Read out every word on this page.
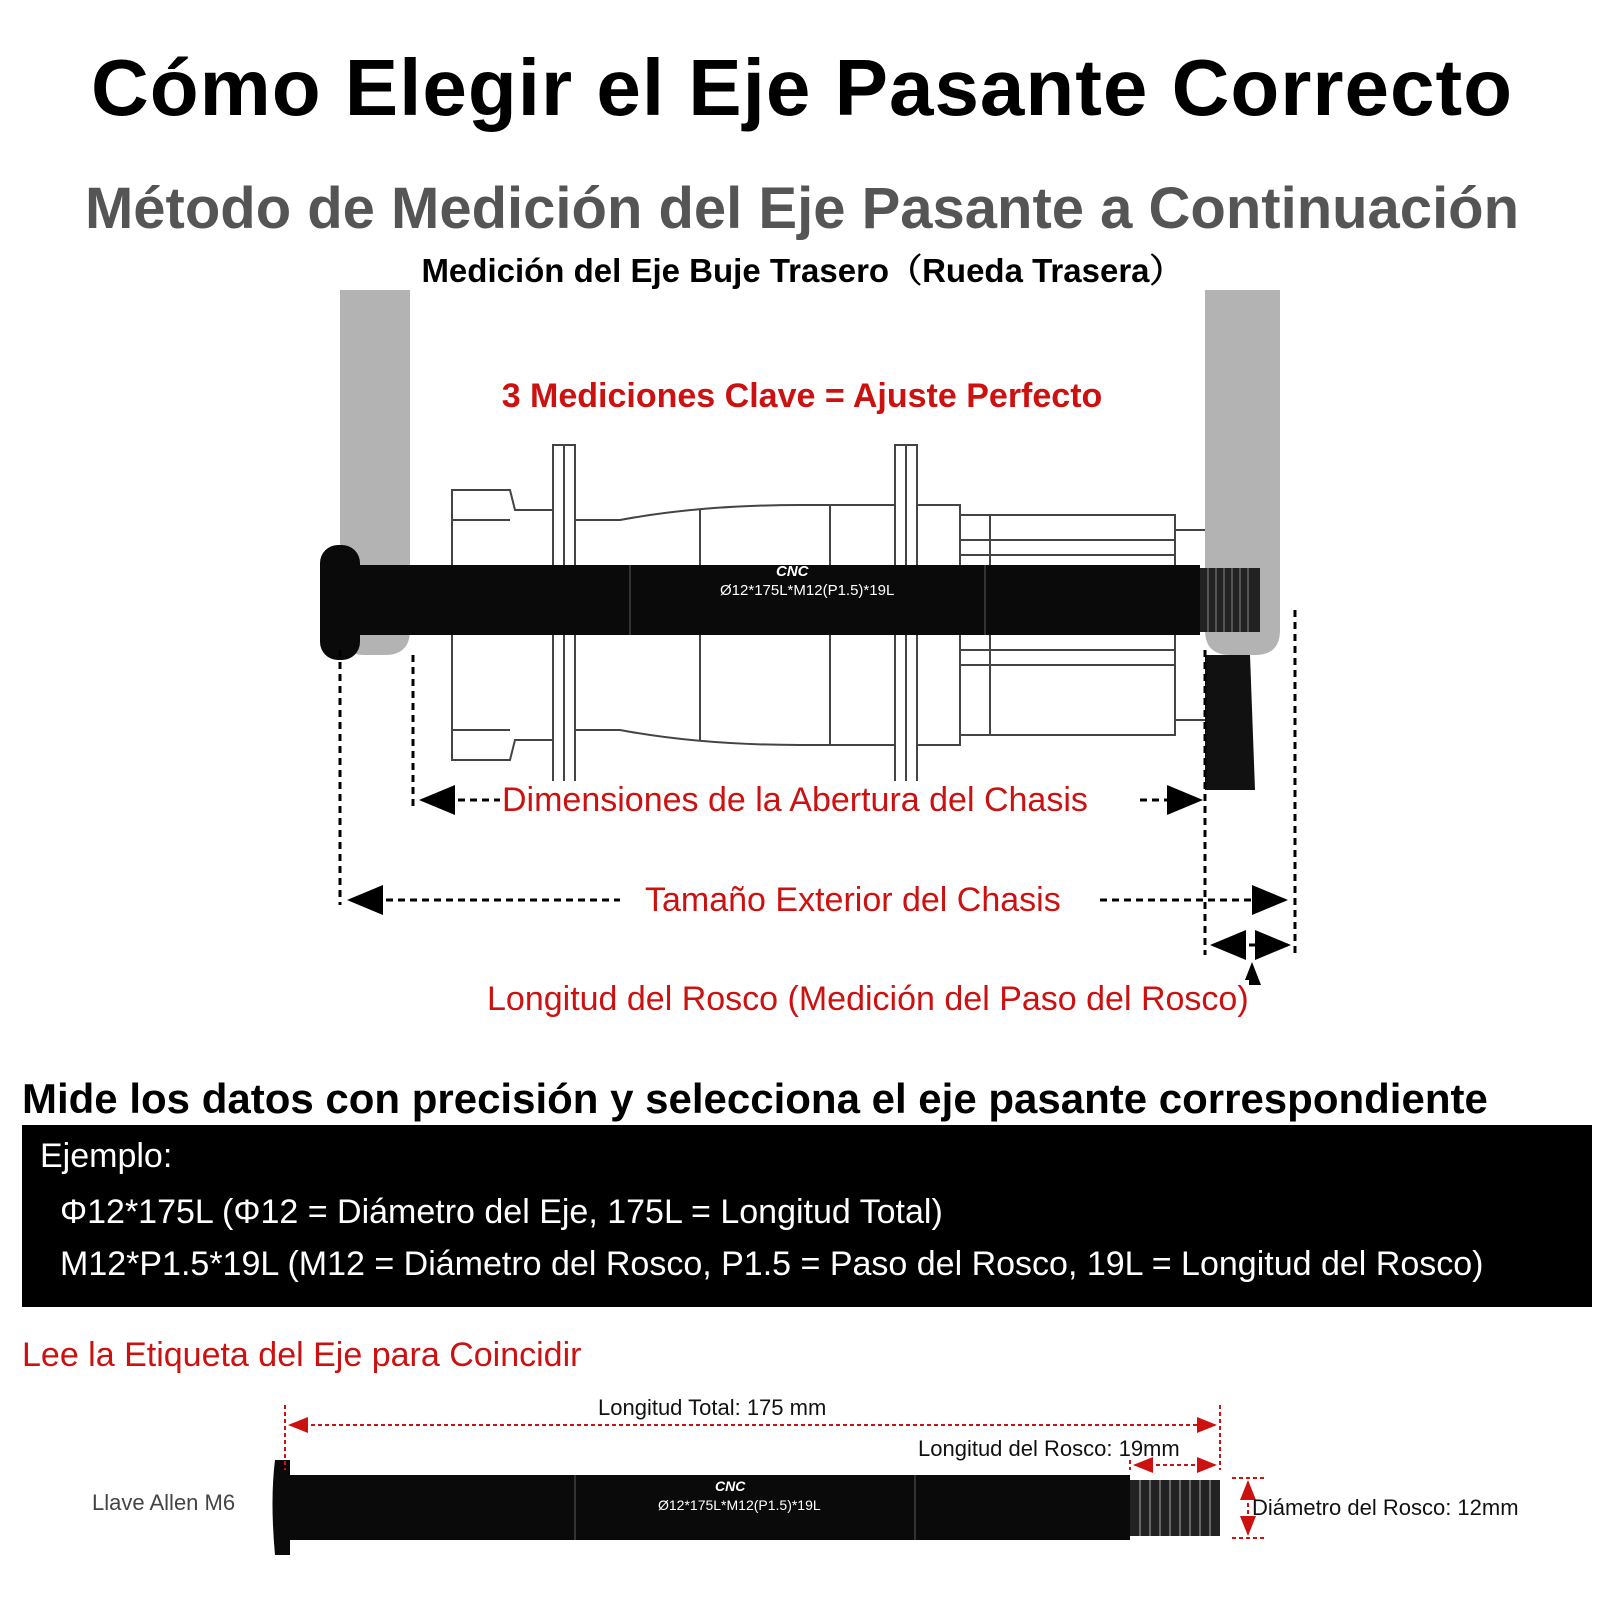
Cómo Elegir el Eje Pasante Correcto
Método de Medición del Eje Pasante a Continuación
Medición del Eje Buje Trasero（Rueda Trasera）
CNC
Ø12*175L*M12(P1.5)*19L
3 Mediciones Clave = Ajuste Perfecto
Dimensiones de la Abertura del Chasis
Tamaño Exterior del Chasis
Longitud del Rosco (Medición del Paso del Rosco)
Mide los datos con precisión y selecciona el eje pasante correspondiente
Ejemplo:
Φ12*175L (Φ12 = Diámetro del Eje, 175L = Longitud Total)
M12*P1.5*19L (M12 = Diámetro del Rosco, P1.5 = Paso del Rosco, 19L = Longitud del Rosco)
Lee la Etiqueta del Eje para Coincidir
Longitud Total: 175 mm
Longitud del Rosco: 19mm
Llave Allen M6	Diámetro del Rosco: 12mm
CNC
Ø12*175L*M12(P1.5)*19L
